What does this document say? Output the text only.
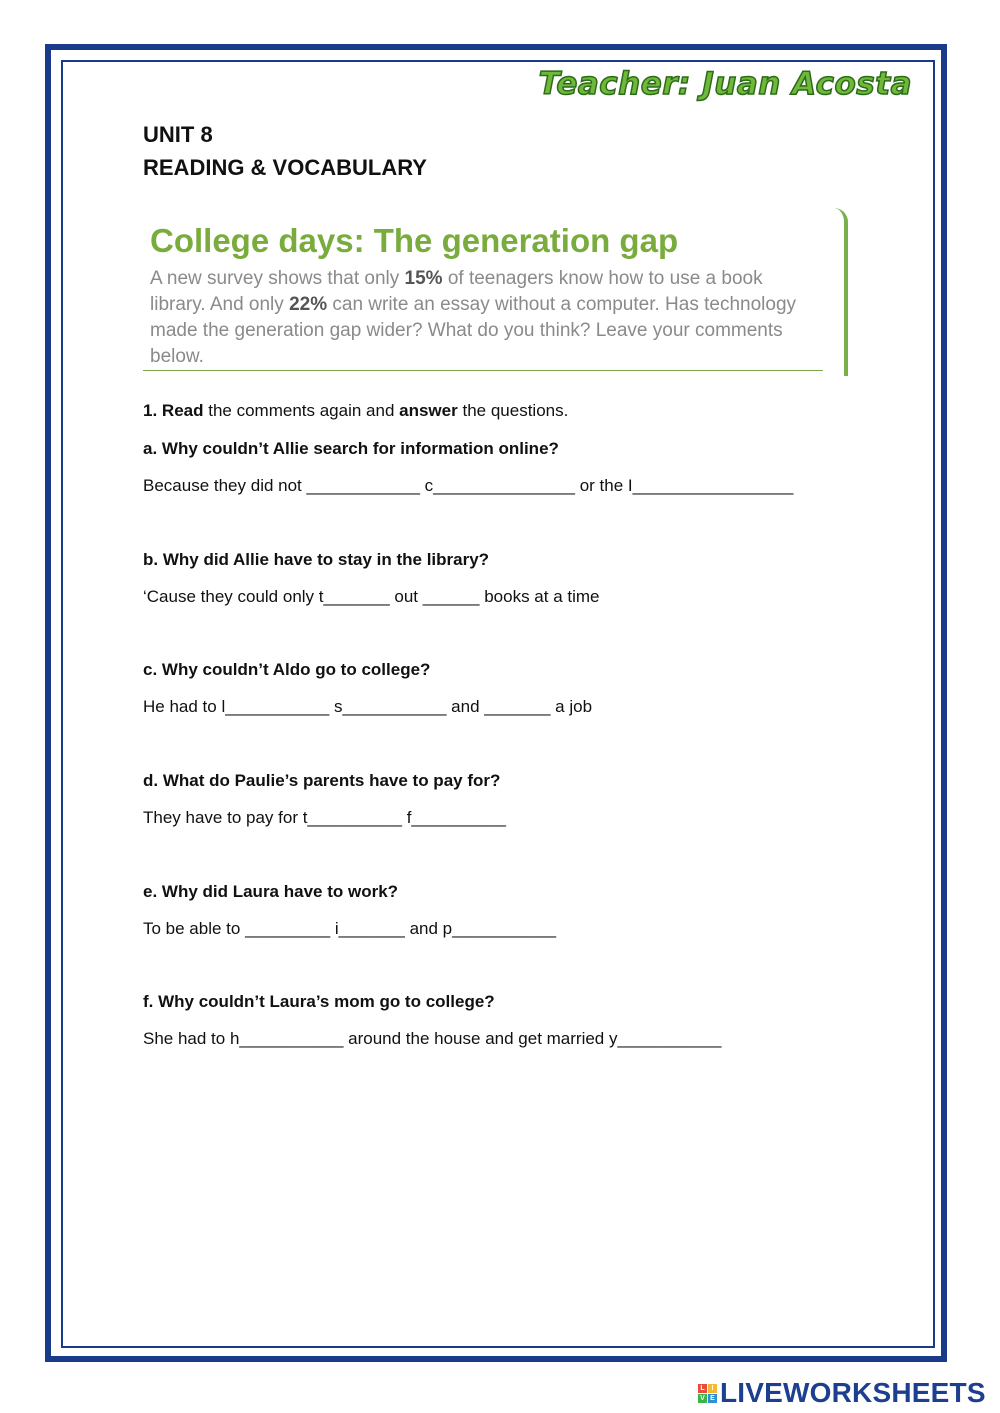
Teacher: Juan Acosta
UNIT 8
READING & VOCABULARY
College days: The generation gap
A new survey shows that only 15% of teenagers know how to use a book library. And only 22% can write an essay without a computer. Has technology made the generation gap wider? What do you think? Leave your comments below.
1. Read the comments again and answer the questions.
a. Why couldn’t Allie search for information online?
Because they did not ____________ c_______________ or the I_________________
b. Why did Allie have to stay in the library?
‘Cause they could only t_______ out ______ books at a time
c. Why couldn’t Aldo go to college?
He had to l___________ s___________ and _______ a job
d. What do Paulie’s parents have to pay for?
They have to pay for t__________ f__________
e. Why did Laura have to work?
To be able to _________ i_______ and p___________
f. Why couldn’t Laura’s mom go to college?
She had to h___________ around the house and get married y___________
L I
V E LIVEWORKSHEETS
